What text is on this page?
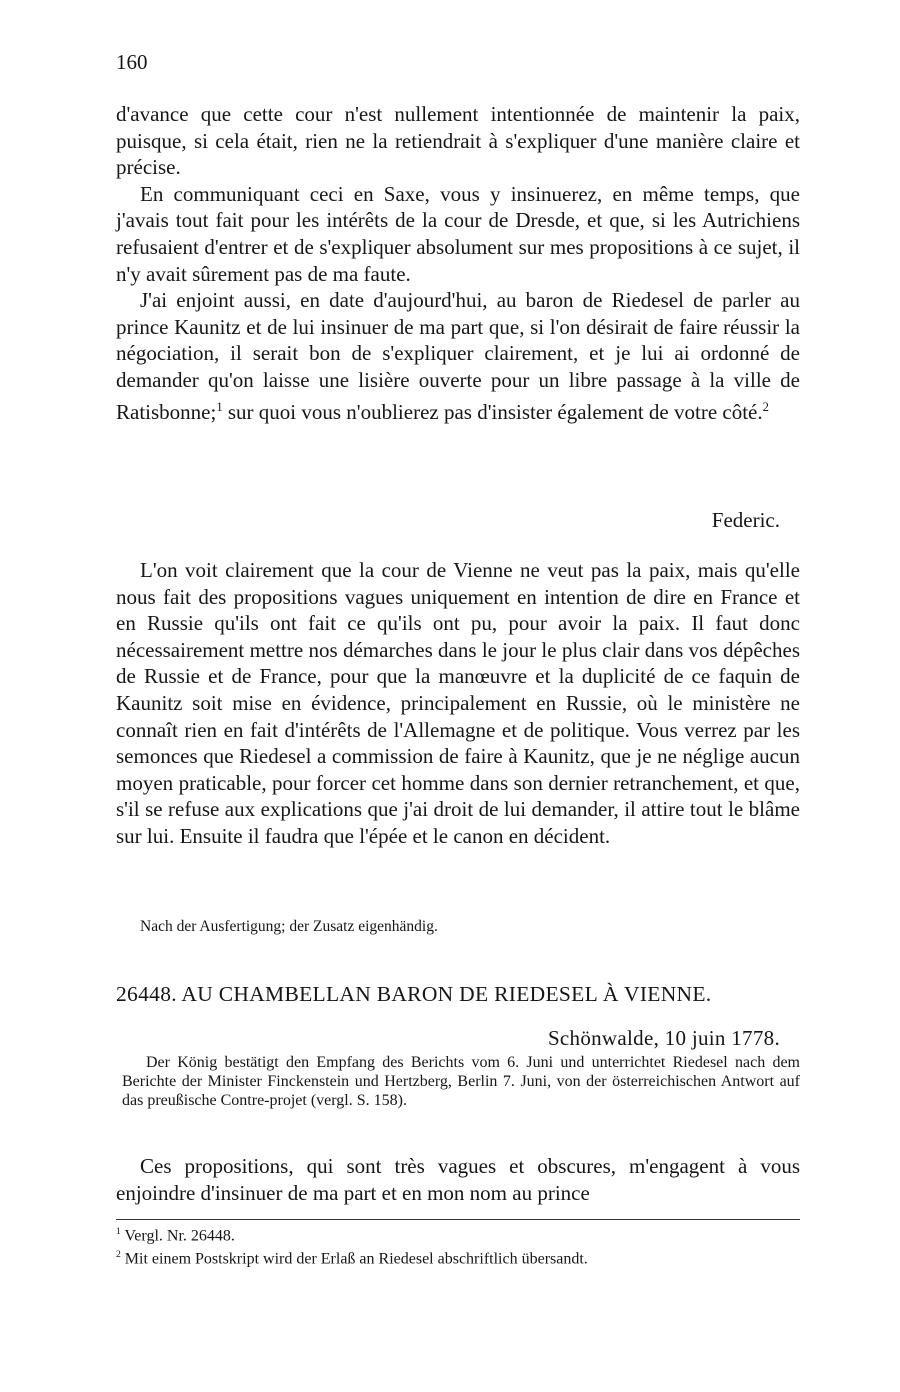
160

d'avance que cette cour n'est nullement intentionnée de maintenir la paix, puisque, si cela était, rien ne la retiendrait à s'expliquer d'une manière claire et précise.

En communiquant ceci en Saxe, vous y insinuerez, en même temps, que j'avais tout fait pour les intérêts de la cour de Dresde, et que, si les Autrichiens refusaient d'entrer et de s'expliquer absolument sur mes propositions à ce sujet, il n'y avait sûrement pas de ma faute.

J'ai enjoint aussi, en date d'aujourd'hui, au baron de Riedesel de parler au prince Kaunitz et de lui insinuer de ma part que, si l'on désirait de faire réussir la négociation, il serait bon de s'expliquer clairement, et je lui ai ordonné de demander qu'on laisse une lisière ouverte pour un libre passage à la ville de Ratisbonne;$^1$ sur quoi vous n'oublierez pas d'insister également de votre côté.$^2$

Federic.

L'on voit clairement que la cour de Vienne ne veut pas la paix, mais qu'elle nous fait des propositions vagues uniquement en intention de dire en France et en Russie qu'ils ont fait ce qu'ils ont pu, pour avoir la paix. Il faut donc nécessairement mettre nos démarches dans le jour le plus clair dans vos dépêches de Russie et de France, pour que la manœuvre et la duplicité de ce faquin de Kaunitz soit mise en évidence, principalement en Russie, où le ministère ne connaît rien en fait d'intérêts de l'Allemagne et de politique. Vous verrez par les semonces que Riedesel a commission de faire à Kaunitz, que je ne néglige aucun moyen praticable, pour forcer cet homme dans son dernier retranchement, et que, s'il se refuse aux explications que j'ai droit de lui demander, il attire tout le blâme sur lui. Ensuite il faudra que l'épée et le canon en décident.

Nach der Ausfertigung; der Zusatz eigenhändig.
26448. AU CHAMBELLAN BARON DE RIEDESEL À VIENNE.
Schönwalde, 10 juin 1778.
Der König bestätigt den Empfang des Berichts vom 6. Juni und unterrichtet Riedesel nach dem Berichte der Minister Finckenstein und Hertzberg, Berlin 7. Juni, von der österreichischen Antwort auf das preußische Contre-projet (vergl. S. 158).

Ces propositions, qui sont très vagues et obscures, m'engagent à vous enjoindre d'insinuer de ma part et en mon nom au prince

$^1$ Vergl. Nr. 26448.
$^2$ Mit einem Postskript wird der Erlaß an Riedesel abschriftlich übersandt.
